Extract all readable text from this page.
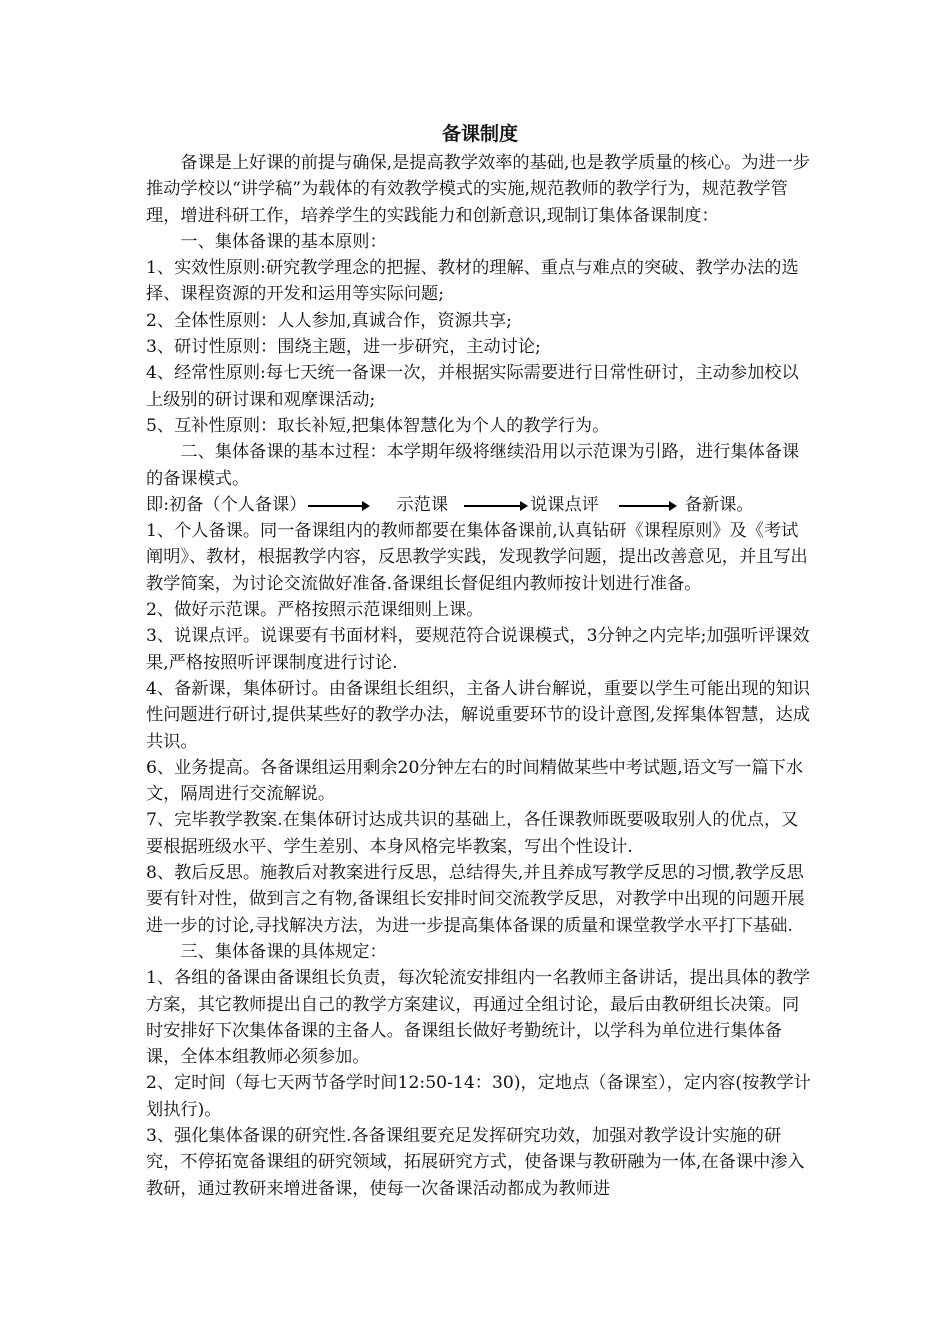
备课制度

备课是上好课的前提与确保,是提高教学效率的基础,也是教学质量的核心。为进一步推动学校以“讲学稿”为载体的有效教学模式的实施,规范教师的教学行为，规范教学管理，增进科研工作，培养学生的实践能力和创新意识,现制订集体备课制度：

一、集体备课的基本原则：

1、实效性原则:研究教学理念的把握、教材的理解、重点与难点的突破、教学办法的选择、课程资源的开发和运用等实际问题;

2、全体性原则：人人参加,真诚合作，资源共享;

3、研讨性原则：围绕主题，进一步研究，主动讨论;

4、经常性原则:每七天统一备课一次，并根据实际需要进行日常性研讨，主动参加校以上级别的研讨课和观摩课活动;

5、互补性原则：取长补短,把集体智慧化为个人的教学行为。

二、集体备课的基本过程：本学期年级将继续沿用以示范课为引路，进行集体备课的备课模式。

即:初备（个人备课）	示范课	说课点评	备新课。

1、个人备课。同一备课组内的教师都要在集体备课前,认真钻研《课程原则》及《考试阐明》、教材，根据教学内容，反思教学实践，发现教学问题，提出改善意见，并且写出教学简案，为讨论交流做好准备.备课组长督促组内教师按计划进行准备。

2、做好示范课。严格按照示范课细则上课。

3、说课点评。说课要有书面材料，要规范符合说课模式，3分钟之内完毕;加强听评课效果,严格按照听评课制度进行讨论.

4、备新课，集体研讨。由备课组长组织，主备人讲台解说，重要以学生可能出现的知识性问题进行研讨,提供某些好的教学办法，解说重要环节的设计意图,发挥集体智慧，达成共识。

6、业务提高。各备课组运用剩余20分钟左右的时间精做某些中考试题,语文写一篇下水文，隔周进行交流解说。

7、完毕教学教案.在集体研讨达成共识的基础上，各任课教师既要吸取别人的优点，又要根据班级水平、学生差别、本身风格完毕教案，写出个性设计.

8、教后反思。施教后对教案进行反思，总结得失,并且养成写教学反思的习惯,教学反思要有针对性，做到言之有物,备课组长安排时间交流教学反思，对教学中出现的问题开展进一步的讨论,寻找解决方法，为进一步提高集体备课的质量和课堂教学水平打下基础.

三、集体备课的具体规定：

1、各组的备课由备课组长负责，每次轮流安排组内一名教师主备讲话，提出具体的教学方案，其它教师提出自己的教学方案建议，再通过全组讨论，最后由教研组长决策。同时安排好下次集体备课的主备人。备课组长做好考勤统计，以学科为单位进行集体备课，全体本组教师必须参加。

2、定时间（每七天两节备学时间12:50-14：30)，定地点（备课室），定内容(按教学计划执行)。

3、强化集体备课的研究性.各备课组要充足发挥研究功效，加强对教学设计实施的研究，不停拓宽备课组的研究领域，拓展研究方式，使备课与教研融为一体,在备课中渗入教研，通过教研来增进备课，使每一次备课活动都成为教师进
